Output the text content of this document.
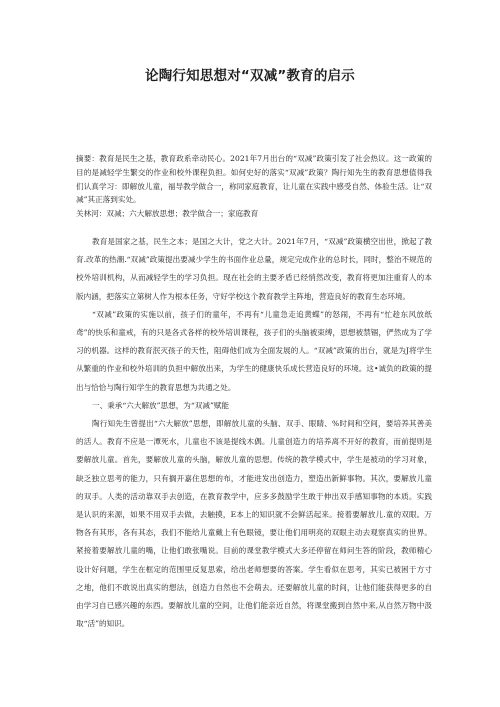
论陶行知思想对“双减”教育的启示

摘要：教育是民生之基，教育政系牵动民心。2021年7月出台的“双减”政策引发了社会热议。这一政策的目的是减轻学生繁交的作业和校外课程负担。如何史好的落实“双减”政策？陶行知先生的教育思想值得我们认真学习：即解放儿童，福导教学做合一，称同家庭教育，让儿童在实践中感受自然、体验生活。让“双减”其正落到实处。

关林河：双减；六大解放思想；教学做合一；家庭教育

教育是国家之基，民生之本；是国之大计，党之大计。2021年7月，“双减”政策横空出世，掀起了教育.改革的热潮.“双减”政策提出要减少学生的书面作业总量，规定完成作业的总时长，同时，整治不规范的校外培训机构，从而减轻学生的学习负担。现在社会的主要矛盾已经悄然改变，教育将更加注重育人的本版内涵，把落实立第树人作为根本任务，守好学校这个教育教学主阵地，营造良好的教育生态环境。

“双减”政策的实施以前，孩子们的童年，不再有“儿童急走追黄蝶”的怒闹，不再有“忙趁东风放纸鸢”的快乐和童戒，有的只是各式各样的校外培训课程，孩子们的头脑被束缚，思想被禁锢，俨然成为了学习的机器。这样的教育泯灭孩子的天性，阻碍他们成为全面发展的人。“双减”政策的出台，就是为J将学生从繁重的作业和校外培训的负担中解放出来，为学生的健康快乐成长营造良好的环境。这•诚负的政策的提出与恰恰与陶行知学生的教育思想为共通之处。

一、秉承“六大解放”思想，为“双减”赋能

陶行知先生曾提出“六大解放”思想，即解放儿童的头脑、双手、眼睛、%时间和空间，要培养其善美的活人。教育不应是一潭死水，儿童也不该是提线木偶。儿童创造力的培养离不开好的教育，而前提则是要解放儿童。首先，要解放儿童的头脑，解放儿童的思想。传统的教学模式中，学生是被动的学习对象，缺乏独立思考的能力，只有搁开嘉住思想的布，才能进发出创造力，塑造出新鲜事物。其次，要解放儿童的双手。人类的活动靠双手去创造，在教育教学中，应多多鼓励学生敢于伸出双手感知事物的本质。实践是认识的来源，如果不用双手去做，去触摸，E本上的知识就不会鲜活起来。接着要解放儿.童的双眼。万物各有其形，各有其态，我们不能给儿童戴上有色眼镜，要让他们用明亮的双眼主动去观察真实的世界。紧接着要解放儿童的嘴，让他们敢张嘴说。目前的课堂教学模式大多还停留在师问生答的阶段，教师精心设计好问题，学生在框定的范围里反复思索，给出老师想要的答案。学生看似在思考，其实已被困于方寸之地，他们不敢说出真实的想法，创造力自然也不会萌去。还要解放儿童的时间，让他们能获得更多的自由学习自已感兴趣的东西。要解放儿童的空间，让他们能亲近自然，将课堂搬到自然中来,从自然万物中汲取“活”的知识。
